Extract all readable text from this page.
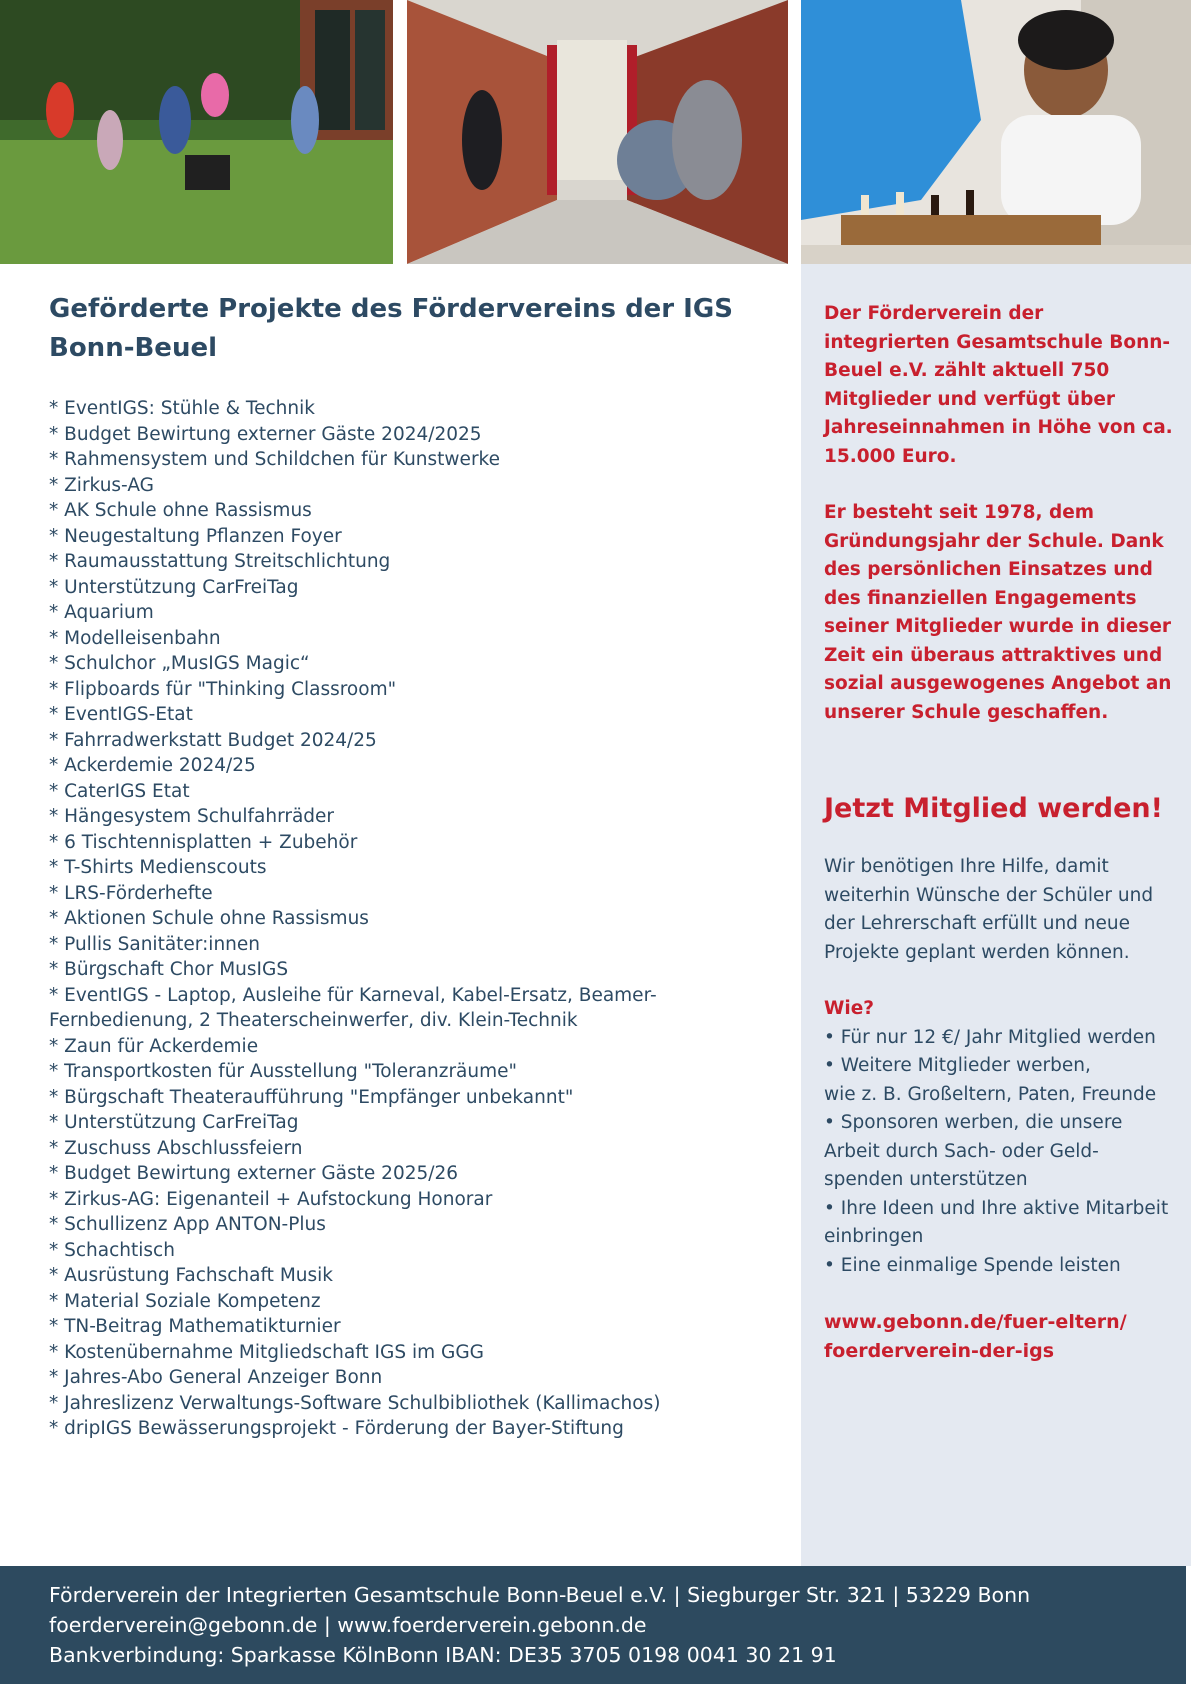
Geförderte Projekte des Fördervereins der IGS Bonn-Beuel
* EventIGS: Stühle & Technik
* Budget Bewirtung externer Gäste 2024/2025
* Rahmensystem und Schildchen für Kunstwerke
* Zirkus-AG
* AK Schule ohne Rassismus
* Neugestaltung Pflanzen Foyer
* Raumausstattung Streitschlichtung
* Unterstützung CarFreiTag
* Aquarium
* Modelleisenbahn
* Schulchor „MusIGS Magic“
* Flipboards für "Thinking Classroom"
* EventIGS-Etat
* Fahrradwerkstatt Budget 2024/25
* Ackerdemie 2024/25
* CaterIGS Etat
* Hängesystem Schulfahrräder
* 6 Tischtennisplatten + Zubehör
* T-Shirts Medienscouts
* LRS-Förderhefte
* Aktionen Schule ohne Rassismus
* Pullis Sanitäter:innen
* Bürgschaft Chor MusIGS
* EventIGS - Laptop, Ausleihe für Karneval, Kabel-Ersatz, Beamer-Fernbedienung, 2 Theaterscheinwerfer, div. Klein-Technik
* Zaun für Ackerdemie
* Transportkosten für Ausstellung "Toleranzräume"
* Bürgschaft Theateraufführung "Empfänger unbekannt"
* Unterstützung CarFreiTag
* Zuschuss Abschlussfeiern
* Budget Bewirtung externer Gäste 2025/26
* Zirkus-AG: Eigenanteil + Aufstockung Honorar
* Schullizenz App ANTON-Plus
* Schachtisch
* Ausrüstung Fachschaft Musik
* Material Soziale Kompetenz
* TN-Beitrag Mathematikturnier
* Kostenübernahme Mitgliedschaft IGS im GGG
* Jahres-Abo General Anzeiger Bonn
* Jahreslizenz Verwaltungs-Software Schulbibliothek (Kallimachos)
* dripIGS Bewässerungsprojekt - Förderung der Bayer-Stiftung

Der Förderverein der integrierten Gesamtschule Bonn-Beuel e.V. zählt aktuell 750 Mitglieder und verfügt über Jahreseinnahmen in Höhe von ca. 15.000 Euro.

Er besteht seit 1978, dem Gründungsjahr der Schule. Dank des persönlichen Einsatzes und des finanziellen Engagements seiner Mitglieder wurde in dieser Zeit ein überaus attraktives und sozial ausgewogenes Angebot an unserer Schule geschaffen.

Jetzt Mitglied werden!

Wir benötigen Ihre Hilfe, damit weiterhin Wünsche der Schüler und der Lehrerschaft erfüllt und neue Projekte geplant werden können.

Wie?
• Für nur 12 €/ Jahr Mitglied werden
• Weitere Mitglieder werben,
wie z. B. Großeltern, Paten, Freunde
• Sponsoren werben, die unsere Arbeit durch Sach- oder Geld-spenden unterstützen
• Ihre Ideen und Ihre aktive Mitarbeit einbringen
• Eine einmalige Spende leisten
www.gebonn.de/fuer-eltern/
foerderverein-der-igs
Förderverein der Integrierten Gesamtschule Bonn-Beuel e.V. | Siegburger Str. 321 | 53229 Bonn
foerderverein@gebonn.de | www.foerderverein.gebonn.de
Bankverbindung: Sparkasse KölnBonn IBAN: DE35 3705 0198 0041 30 21 91
